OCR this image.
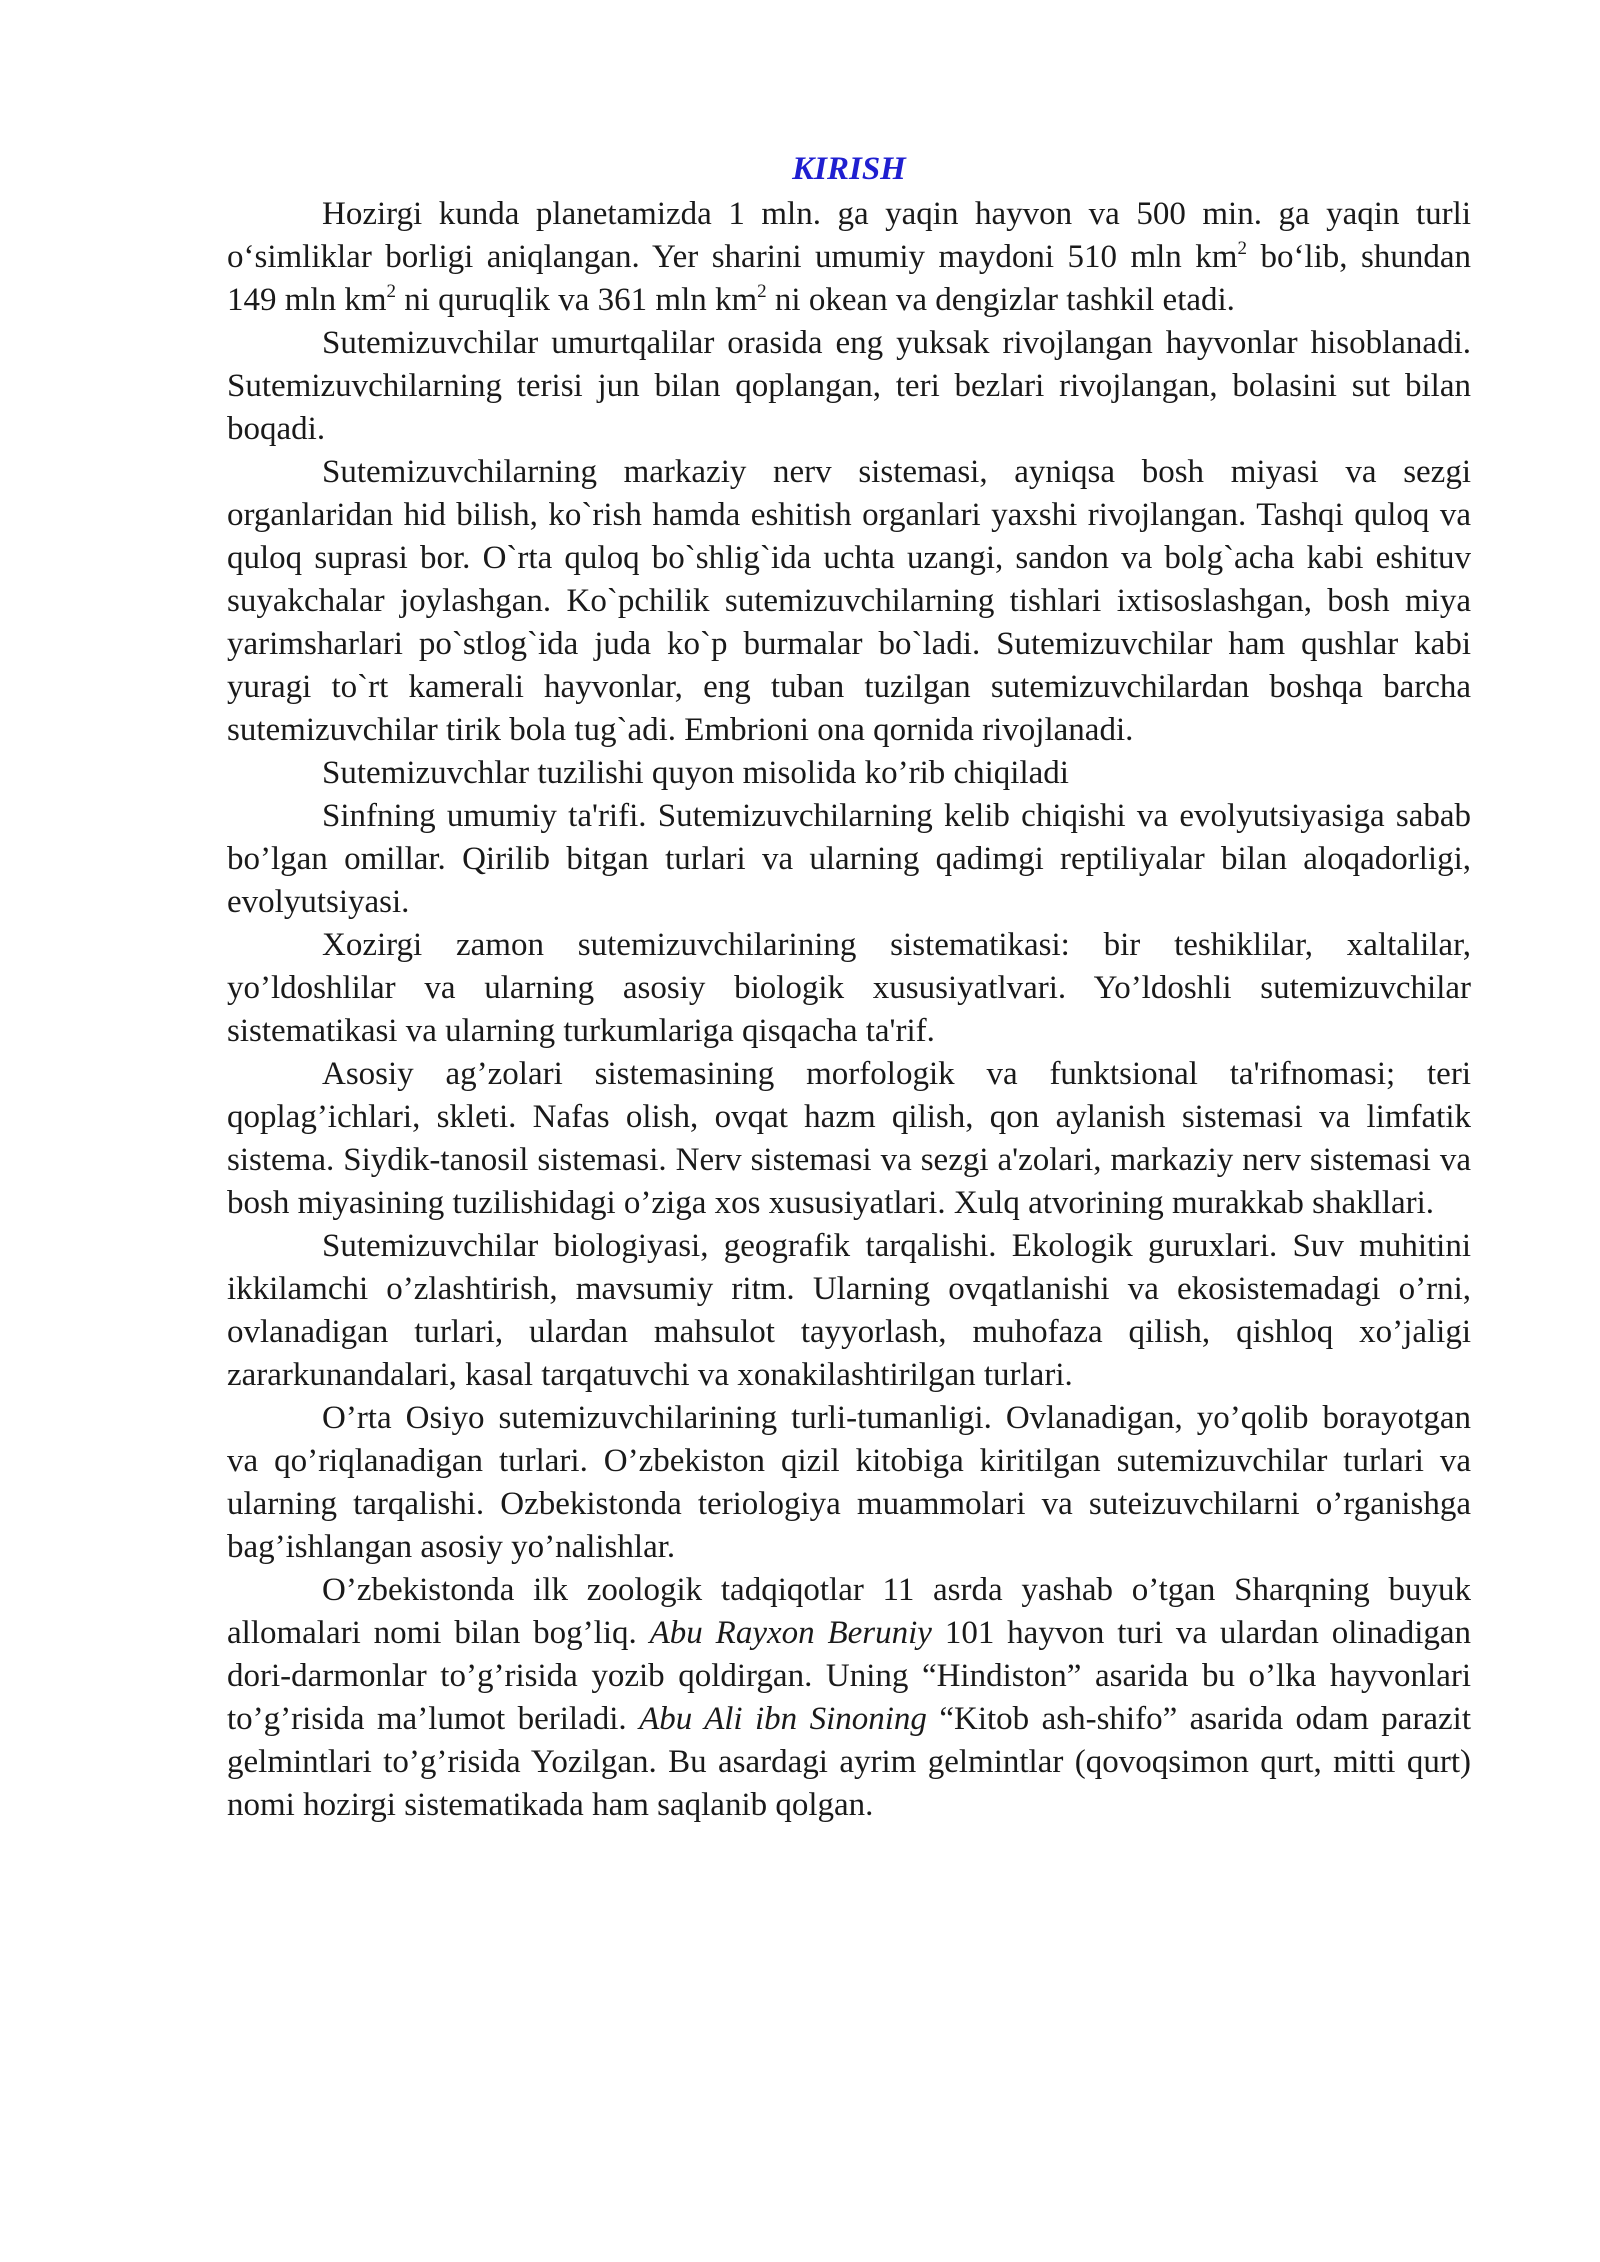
KIRISH

Hozirgi kunda planetamizda 1 mln. ga yaqin hayvon va 500 min. ga yaqin turli o‘simliklar borligi aniqlangan. Yer sharini umumiy maydoni 510 mln $km^2$ bo‘lib, shundan 149 mln $km^2$ ni quruqlik va 361 mln $km^2$ ni okean va dengizlar tashkil etadi.

Sutemizuvchilar umurtqalilar orasida eng yuksak rivojlangan hayvonlar hisoblanadi. Sutemizuvchilarning terisi jun bilan qoplangan, teri bezlari rivojlangan, bolasini sut bilan boqadi.

Sutemizuvchilarning markaziy nerv sistemasi, ayniqsa bosh miyasi va sezgi organlaridan hid bilish, ko`rish hamda eshitish organlari yaxshi rivojlangan. Tashqi quloq va quloq suprasi bor. O`rta quloq bo`shlig`ida uchta uzangi, sandon va bolg`acha kabi eshituv suyakchalar joylashgan. Ko`pchilik sutemizuvchilarning tishlari ixtisoslashgan, bosh miya yarimsharlari po`stlog`ida juda ko`p burmalar bo`ladi. Sutemizuvchilar ham qushlar kabi yuragi to`rt kamerali hayvonlar, eng tuban tuzilgan sutemizuvchilardan boshqa barcha sutemizuvchilar tirik bola tug`adi. Embrioni ona qornida rivojlanadi.

Sutemizuvchlar tuzilishi quyon misolida ko’rib chiqiladi

Sinfning umumiy ta'rifi. Sutemizuvchilarning kelib chiqishi va evolyutsiyasiga sabab bo’lgan omillar. Qirilib bitgan turlari va ularning qadimgi reptiliyalar bilan aloqadorligi, evolyutsiyasi.

Xozirgi zamon sutemizuvchilarining sistematikasi: bir teshiklilar, xaltalilar, yo’ldoshlilar va ularning asosiy biologik xususiyatlvari. Yo’ldoshli sutemizuvchilar sistematikasi va ularning turkumlariga qisqacha ta'rif.

Asosiy ag’zolari sistemasining morfologik va funktsional ta'rifnomasi; teri qoplag’ichlari, skleti. Nafas olish, ovqat hazm qilish, qon aylanish sistemasi va limfatik sistema. Siydik-tanosil sistemasi. Nerv sistemasi va sezgi a'zolari, markaziy nerv sistemasi va bosh miyasining tuzilishidagi o’ziga xos xususiyatlari. Xulq atvorining murakkab shakllari.

Sutemizuvchilar biologiyasi, geografik tarqalishi. Ekologik guruxlari. Suv muhitini ikkilamchi o’zlashtirish, mavsumiy ritm. Ularning ovqatlanishi va ekosistemadagi o’rni, ovlanadigan turlari, ulardan mahsulot tayyorlash, muhofaza qilish, qishloq xo’jaligi zararkunandalari, kasal tarqatuvchi va xonakilashtirilgan turlari.

O’rta Osiyo sutemizuvchilarining turli-tumanligi. Ovlanadigan, yo’qolib borayotgan va qo’riqlanadigan turlari. O’zbekiston qizil kitobiga kiritilgan sutemizuvchilar turlari va ularning tarqalishi. Ozbekistonda teriologiya muammolari va suteizuvchilarni o’rganishga bag’ishlangan asosiy yo’nalishlar.

O’zbekistonda ilk zoologik tadqiqotlar 11 asrda yashab o’tgan Sharqning buyuk allomalari nomi bilan bog’liq. Abu Rayxon Beruniy 101 hayvon turi va ulardan olinadigan dori-darmonlar to’g’risida yozib qoldirgan. Uning “Hindiston” asarida bu o’lka hayvonlari to’g’risida ma’lumot beriladi. Abu Ali ibn Sinoning “Kitob ash-shifo” asarida odam parazit gelmintlari to’g’risida Yozilgan. Bu asardagi ayrim gelmintlar (qovoqsimon qurt, mitti qurt) nomi hozirgi sistematikada ham saqlanib qolgan.
